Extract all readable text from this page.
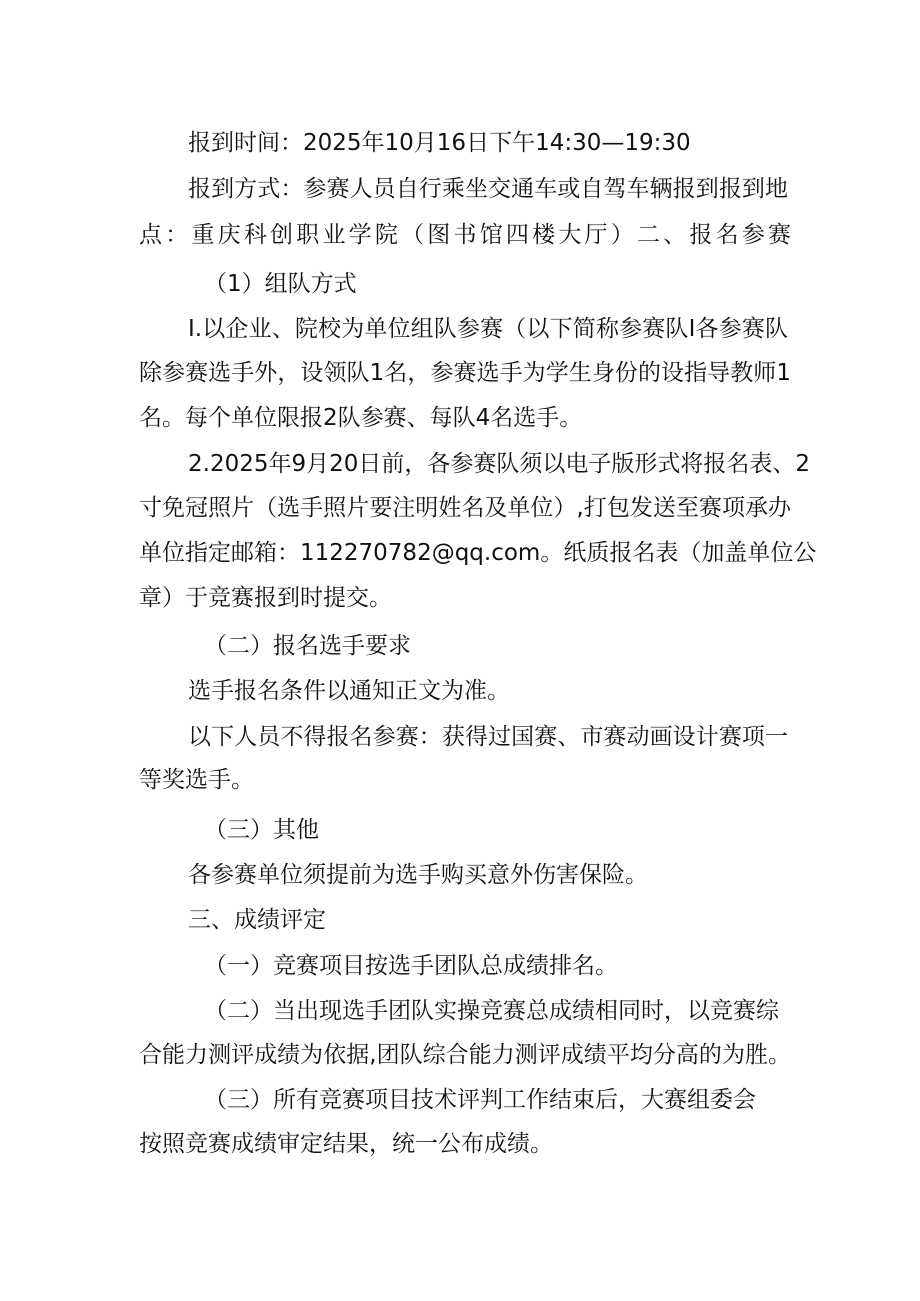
报到时间：2025年10月16日下午14:30—19:30
报到方式：参赛人员自行乘坐交通车或自驾车辆报到报到地
点：重庆科创职业学院（图书馆四楼大厅）二、报名参赛
（1）组队方式
I.以企业、院校为单位组队参赛（以下简称参赛队I各参赛队
除参赛选手外，设领队1名，参赛选手为学生身份的设指导教师1
名。每个单位限报2队参赛、每队4名选手。
2.2025年9月20日前，各参赛队须以电子版形式将报名表、2
寸免冠照片（选手照片要注明姓名及单位）,打包发送至赛项承办
单位指定邮箱：112270782@qq.com。纸质报名表（加盖单位公
章）于竞赛报到时提交。
（二）报名选手要求
选手报名条件以通知正文为准。
以下人员不得报名参赛：获得过国赛、市赛动画设计赛项一
等奖选手。
（三）其他
各参赛单位须提前为选手购买意外伤害保险。
三、成绩评定
（一）竞赛项目按选手团队总成绩排名。
（二）当出现选手团队实操竞赛总成绩相同时，以竞赛综
合能力测评成绩为依据,团队综合能力测评成绩平均分高的为胜。
（三）所有竞赛项目技术评判工作结束后，大赛组委会
按照竞赛成绩审定结果，统一公布成绩。
